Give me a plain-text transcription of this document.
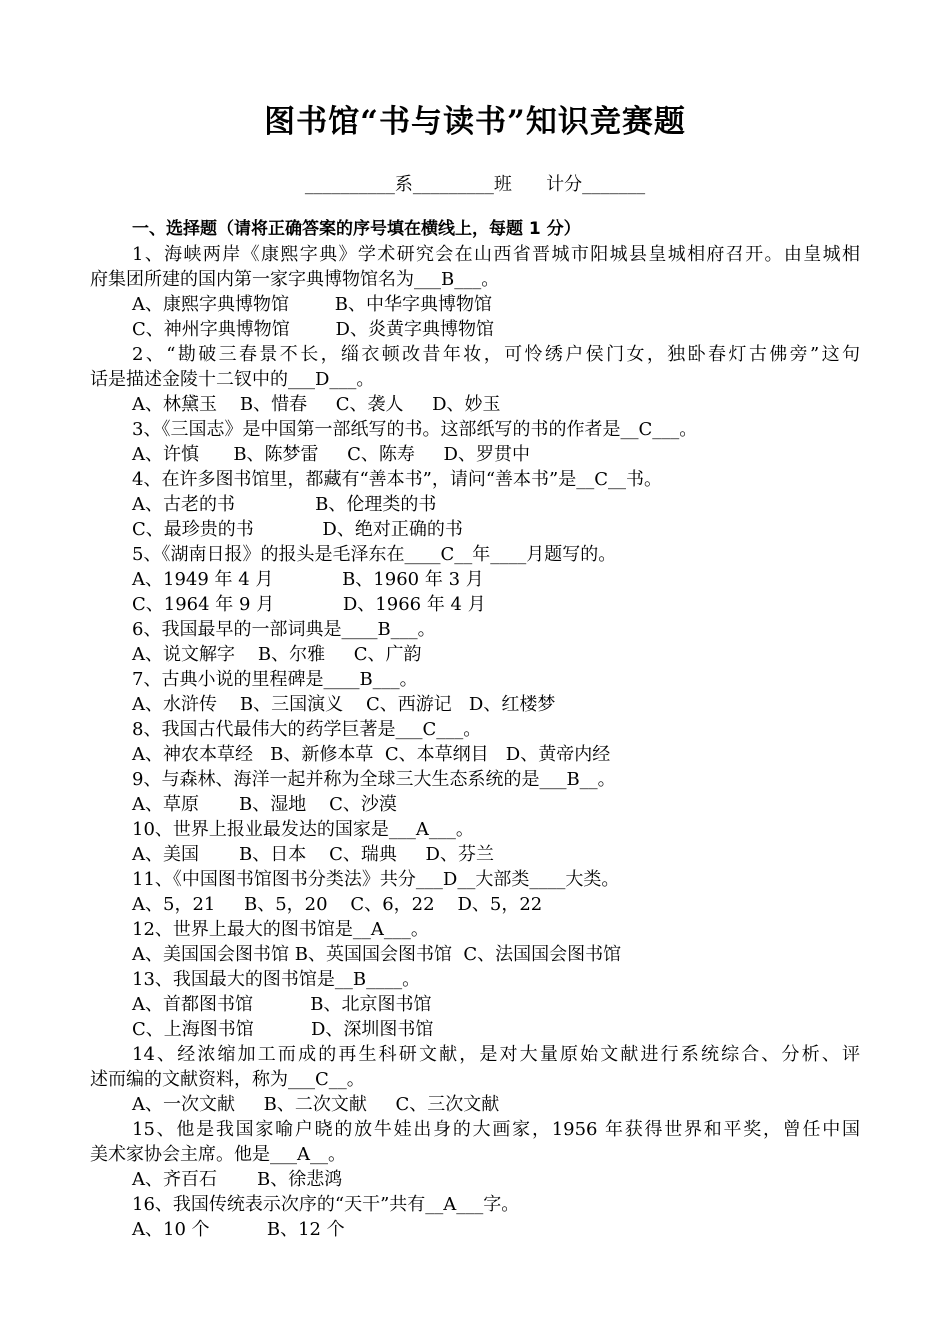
图书馆“书与读书”知识竞赛题
__________系_________班      计分_______
一、选择题（请将正确答案的序号填在横线上，每题 1 分）
1、海峡两岸《康熙字典》学术研究会在山西省晋城市阳城县皇城相府召开。由皇城相
府集团所建的国内第一家字典博物馆名为___B___。
A、康熙字典博物馆        B、中华字典博物馆
C、神州字典博物馆        D、炎黄字典博物馆
2、“勘破三春景不长，缁衣顿改昔年妆，可怜绣户侯门女，独卧春灯古佛旁”这句
话是描述金陵十二钗中的___D___。
A、林黛玉    B、惜春     C、袭人     D、妙玉
3、《三国志》是中国第一部纸写的书。这部纸写的书的作者是__C___。
A、许慎      B、陈梦雷     C、陈寿     D、罗贯中
4、在许多图书馆里，都藏有“善本书”，请问“善本书”是__C__书。
A、古老的书              B、伦理类的书
C、最珍贵的书            D、绝对正确的书
5、《湖南日报》的报头是毛泽东在____C__年____月题写的。
A、1949 年 4 月            B、1960 年 3 月
C、1964 年 9 月            D、1966 年 4 月
6、我国最早的一部词典是____B___。
A、说文解字    B、尔雅     C、广韵
7、古典小说的里程碑是____B___。
A、水浒传    B、三国演义    C、西游记   D、红楼梦
8、我国古代最伟大的药学巨著是___C___。
A、神农本草经   B、新修本草  C、本草纲目   D、黄帝内经
9、与森林、海洋一起并称为全球三大生态系统的是___B__。
A、草原       B、湿地    C、沙漠
10、世界上报业最发达的国家是___A___。
A、美国       B、日本    C、瑞典     D、芬兰
11、《中国图书馆图书分类法》共分___D__大部类____大类。
A、5，21     B、5，20    C、6，22    D、5，22
12、世界上最大的图书馆是__A___。
A、美国国会图书馆 B、英国国会图书馆  C、法国国会图书馆
13、我国最大的图书馆是__B____。
A、首都图书馆          B、北京图书馆
C、上海图书馆          D、深圳图书馆
14、经浓缩加工而成的再生科研文献，是对大量原始文献进行系统综合、分析、评
述而编的文献资料，称为___C__。
A、一次文献     B、二次文献     C、三次文献
15、他是我国家喻户晓的放牛娃出身的大画家，1956 年获得世界和平奖，曾任中国
美术家协会主席。他是___A__。
A、齐百石       B、徐悲鸿
16、我国传统表示次序的“天干”共有__A___字。
A、10 个          B、12 个
